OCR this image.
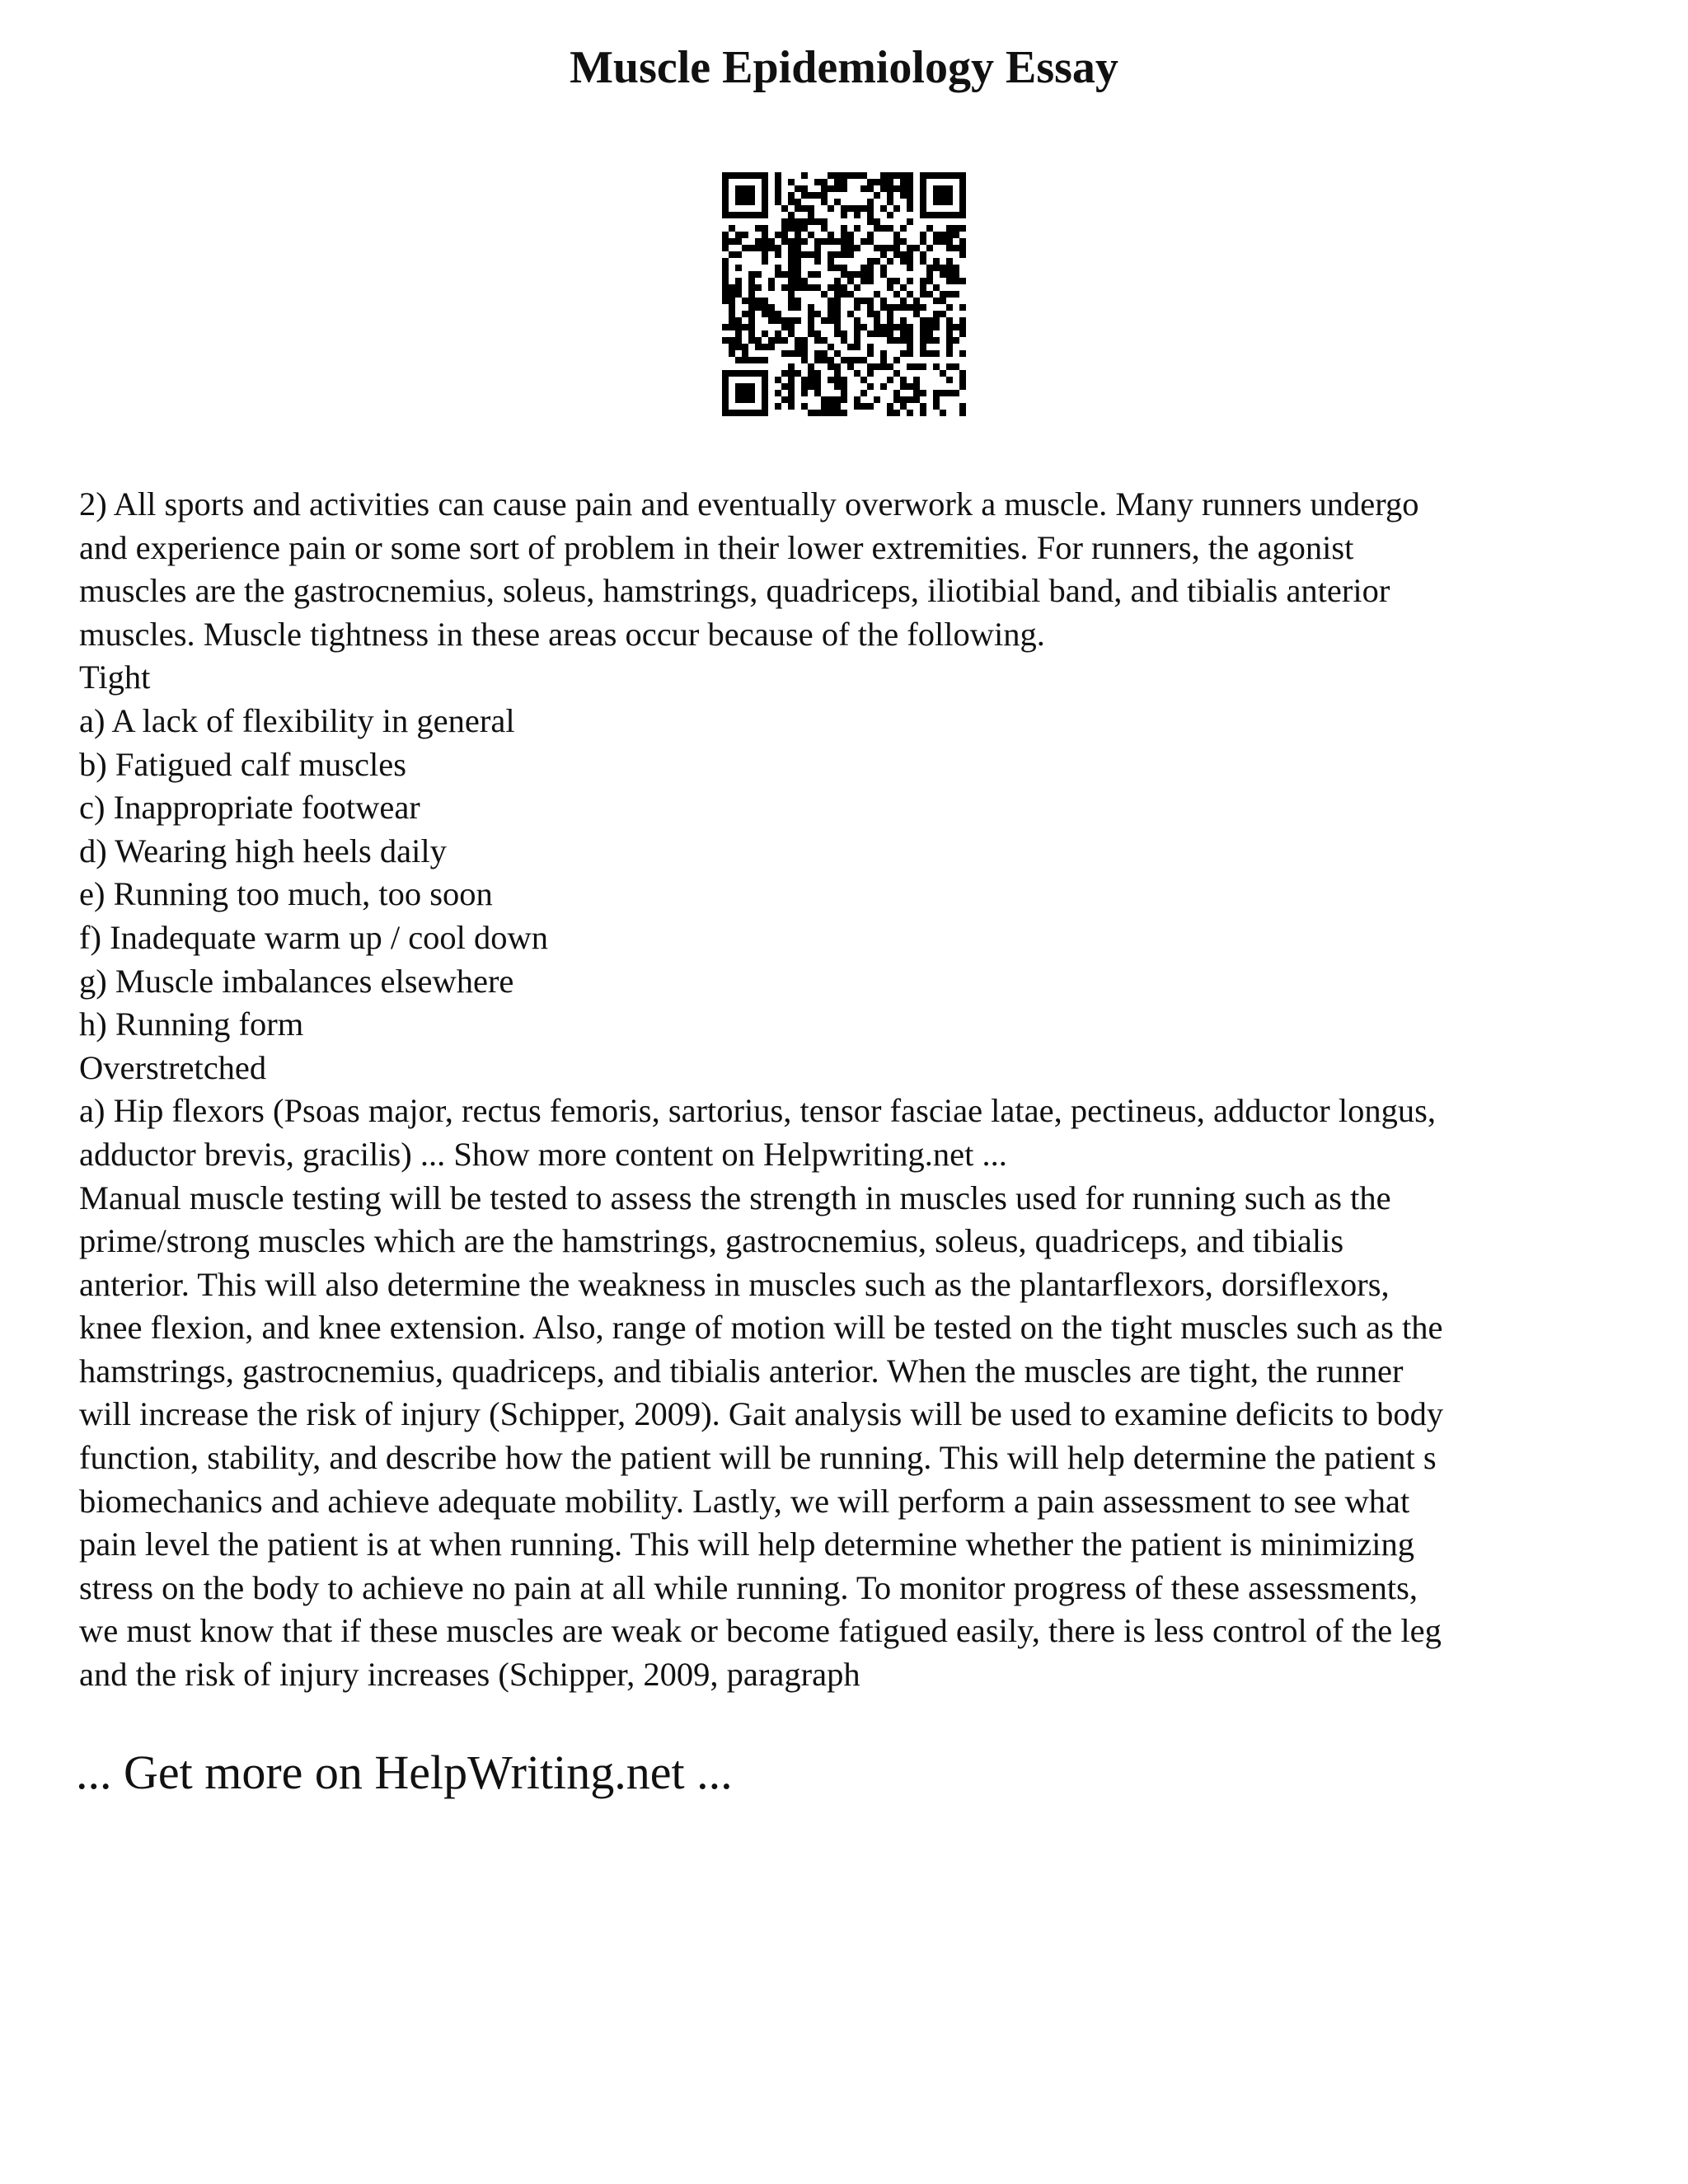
Muscle Epidemiology Essay

2) All sports and activities can cause pain and eventually overwork a muscle. Many runners undergo
and experience pain or some sort of problem in their lower extremities. For runners, the agonist
muscles are the gastrocnemius, soleus, hamstrings, quadriceps, iliotibial band, and tibialis anterior
muscles. Muscle tightness in these areas occur because of the following.
Tight
a) A lack of flexibility in general
b) Fatigued calf muscles
c) Inappropriate footwear
d) Wearing high heels daily
e) Running too much, too soon
f) Inadequate warm up / cool down
g) Muscle imbalances elsewhere
h) Running form
Overstretched
a) Hip flexors (Psoas major, rectus femoris, sartorius, tensor fasciae latae, pectineus, adductor longus,
adductor brevis, gracilis) ... Show more content on Helpwriting.net ...
Manual muscle testing will be tested to assess the strength in muscles used for running such as the
prime/strong muscles which are the hamstrings, gastrocnemius, soleus, quadriceps, and tibialis
anterior. This will also determine the weakness in muscles such as the plantarflexors, dorsiflexors,
knee flexion, and knee extension. Also, range of motion will be tested on the tight muscles such as the
hamstrings, gastrocnemius, quadriceps, and tibialis anterior. When the muscles are tight, the runner
will increase the risk of injury (Schipper, 2009). Gait analysis will be used to examine deficits to body
function, stability, and describe how the patient will be running. This will help determine the patient s
biomechanics and achieve adequate mobility. Lastly, we will perform a pain assessment to see what
pain level the patient is at when running. This will help determine whether the patient is minimizing
stress on the body to achieve no pain at all while running. To monitor progress of these assessments,
we must know that if these muscles are weak or become fatigued easily, there is less control of the leg
and the risk of injury increases (Schipper, 2009, paragraph

... Get more on HelpWriting.net ...
